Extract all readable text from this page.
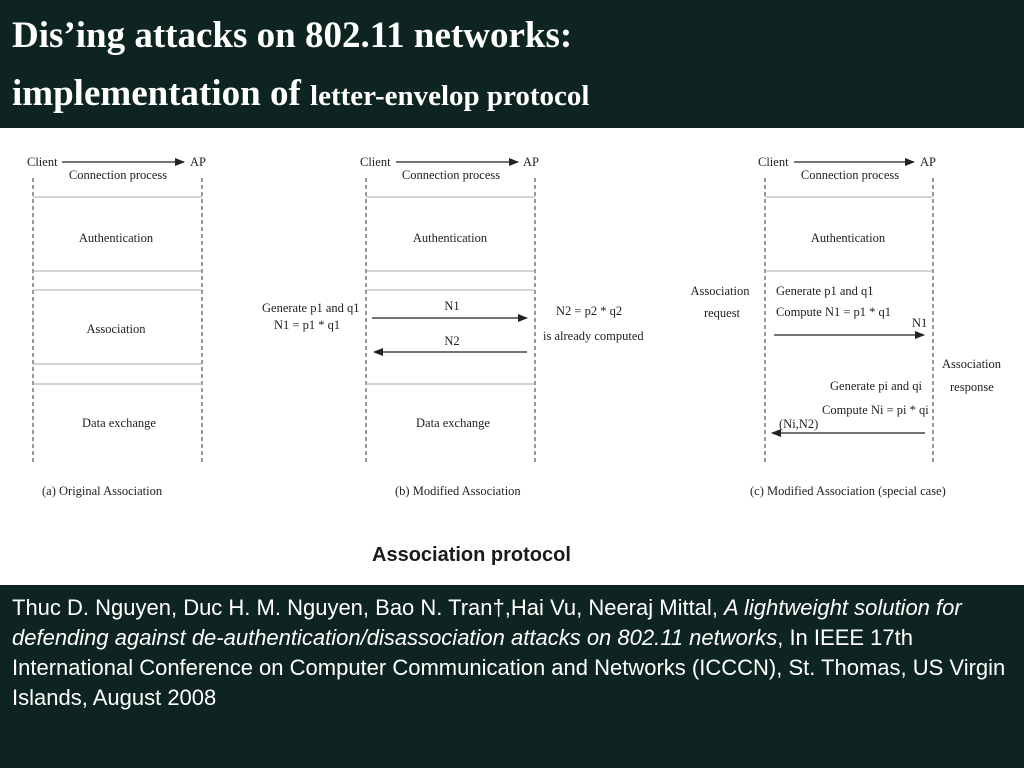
Dis’ing attacks on 802.11 networks:
implementation of letter-envelop protocol
Client	AP
Connection process
Authentication
Association
Data exchange
(a) Original Association
Client	AP
Connection process
Authentication
Generate p1 and q1
N1 = p1 * q1
N1
N2
N2 = p2 * q2
is already computed
Data exchange
(b) Modified Association
Client	AP
Connection process
Authentication
Association
request
Generate p1 and q1
Compute N1 = p1 * q1
N1
Association
response
Generate pi and qi
Compute Ni = pi * qi
(Ni,N2)
(c) Modified Association (special case)
Association protocol
Thuc D. Nguyen, Duc H. M. Nguyen, Bao N. Tran†,Hai Vu, Neeraj Mittal, A lightweight solution for defending against de-authentication/disassociation attacks on 802.11 networks, In IEEE 17th International Conference on Computer Communication and Networks (ICCCN), St. Thomas, US Virgin Islands, August 2008
